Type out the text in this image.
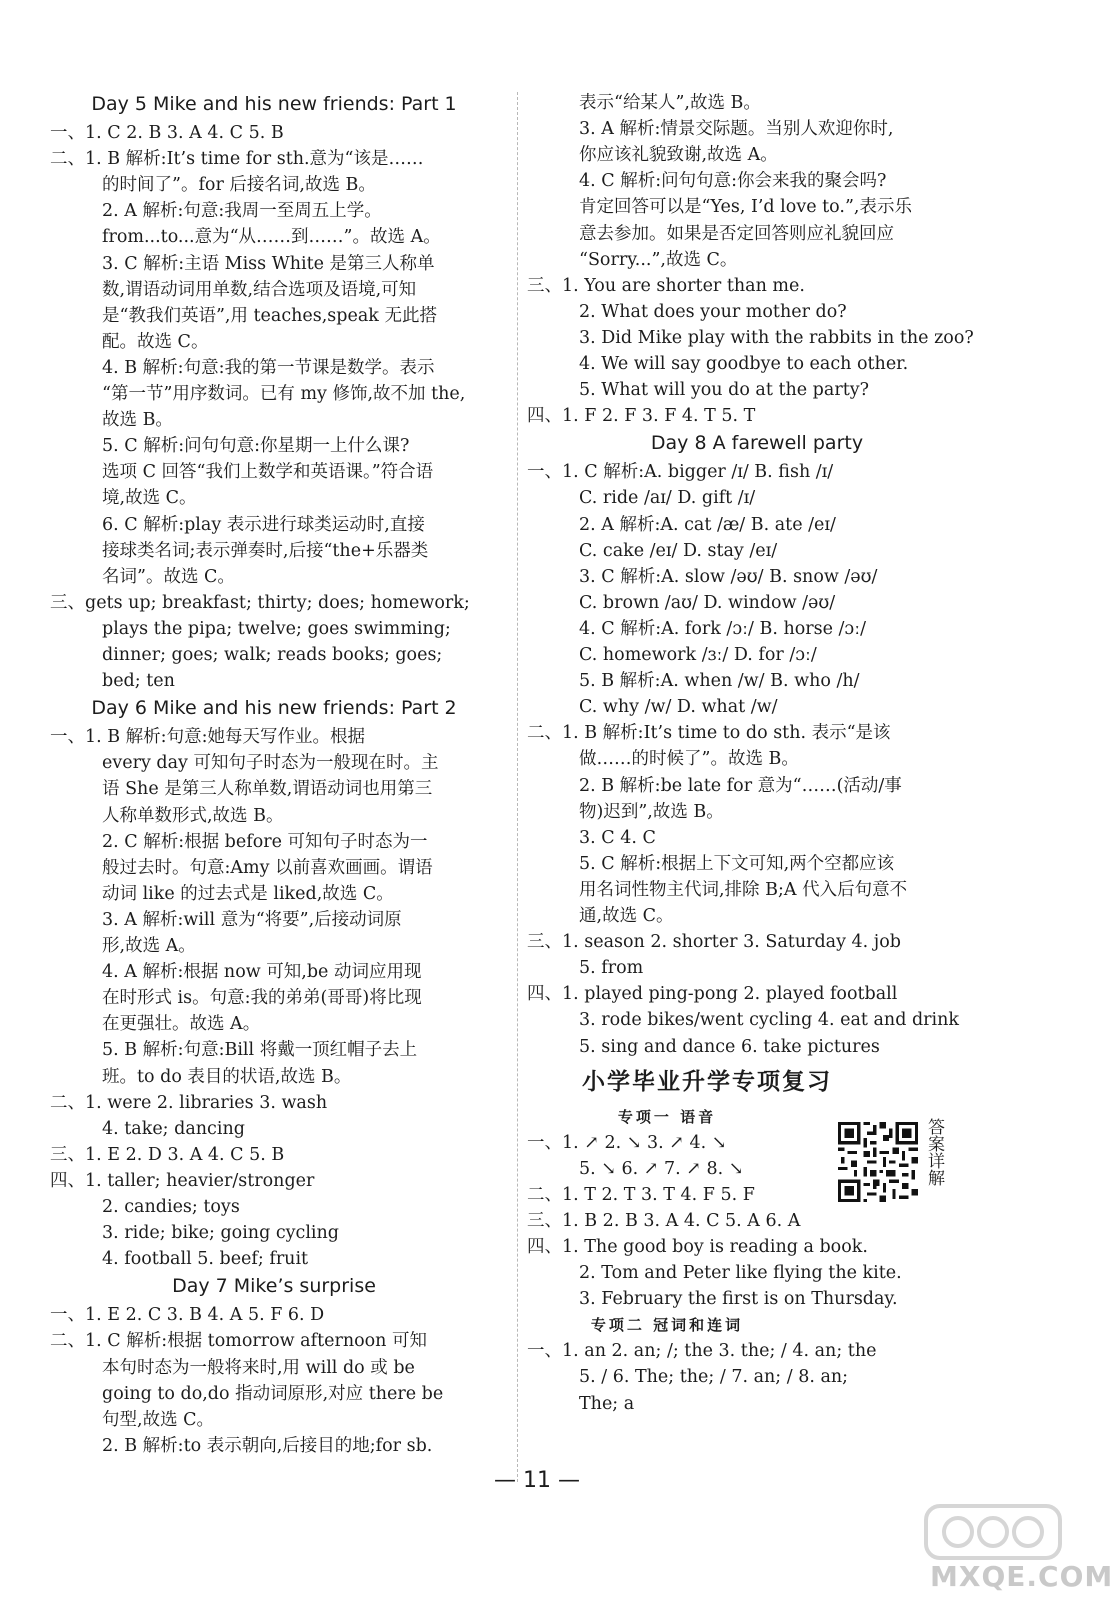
Day 5 Mike and his new friends: Part 1
一、1. C 2. B 3. A 4. C 5. B
二、1. B 解析:It’s time for sth.意为“该是……
的时间了”。for 后接名词,故选 B。
2. A 解析:句意:我周一至周五上学。
from...to...意为“从……到……”。故选 A。
3. C 解析:主语 Miss White 是第三人称单
数,谓语动词用单数,结合选项及语境,可知
是“教我们英语”,用 teaches,speak 无此搭
配。故选 C。
4. B 解析:句意:我的第一节课是数学。表示
“第一节”用序数词。已有 my 修饰,故不加 the,
故选 B。
5. C 解析:问句句意:你星期一上什么课?
选项 C 回答“我们上数学和英语课。”符合语
境,故选 C。
6. C 解析:play 表示进行球类运动时,直接
接球类名词;表示弹奏时,后接“the+乐器类
名词”。故选 C。
三、gets up; breakfast; thirty; does; homework;
plays the pipa; twelve; goes swimming;
dinner; goes; walk; reads books; goes;
bed; ten
Day 6 Mike and his new friends: Part 2
一、1. B 解析:句意:她每天写作业。根据
every day 可知句子时态为一般现在时。主
语 She 是第三人称单数,谓语动词也用第三
人称单数形式,故选 B。
2. C 解析:根据 before 可知句子时态为一
般过去时。句意:Amy 以前喜欢画画。谓语
动词 like 的过去式是 liked,故选 C。
3. A 解析:will 意为“将要”,后接动词原
形,故选 A。
4. A 解析:根据 now 可知,be 动词应用现
在时形式 is。句意:我的弟弟(哥哥)将比现
在更强壮。故选 A。
5. B 解析:句意:Bill 将戴一顶红帽子去上
班。to do 表目的状语,故选 B。
二、1. were 2. libraries 3. wash
4. take; dancing
三、1. E 2. D 3. A 4. C 5. B
四、1. taller; heavier/stronger
2. candies; toys
3. ride; bike; going cycling
4. football 5. beef; fruit
Day 7 Mike’s surprise
一、1. E 2. C 3. B 4. A 5. F 6. D
二、1. C 解析:根据 tomorrow afternoon 可知
本句时态为一般将来时,用 will do 或 be
going to do,do 指动词原形,对应 there be
句型,故选 C。
2. B 解析:to 表示朝向,后接目的地;for sb.
表示“给某人”,故选 B。
3. A 解析:情景交际题。当别人欢迎你时,
你应该礼貌致谢,故选 A。
4. C 解析:问句句意:你会来我的聚会吗?
肯定回答可以是“Yes, I’d love to.”,表示乐
意去参加。如果是否定回答则应礼貌回应
“Sorry...”,故选 C。
三、1. You are shorter than me.
2. What does your mother do?
3. Did Mike play with the rabbits in the zoo?
4. We will say goodbye to each other.
5. What will you do at the party?
四、1. F 2. F 3. F 4. T 5. T
Day 8 A farewell party
一、1. C 解析:A. bigger /ɪ/ B. fish /ɪ/
C. ride /aɪ/ D. gift /ɪ/
2. A 解析:A. cat /æ/ B. ate /eɪ/
C. cake /eɪ/ D. stay /eɪ/
3. C 解析:A. slow /əʊ/ B. snow /əʊ/
C. brown /aʊ/ D. window /əʊ/
4. C 解析:A. fork /ɔː/ B. horse /ɔː/
C. homework /ɜː/ D. for /ɔː/
5. B 解析:A. when /w/ B. who /h/
C. why /w/ D. what /w/
二、1. B 解析:It’s time to do sth. 表示“是该
做……的时候了”。故选 B。
2. B 解析:be late for 意为“……(活动/事
物)迟到”,故选 B。
3. C 4. C
5. C 解析:根据上下文可知,两个空都应该
用名词性物主代词,排除 B;A 代入后句意不
通,故选 C。
三、1. season 2. shorter 3. Saturday 4. job
5. from
四、1. played ping-pong 2. played football
3. rode bikes/went cycling 4. eat and drink
5. sing and dance 6. take pictures
小学毕业升学专项复习
专项一 语音
一、1. ↗ 2. ↘ 3. ↗ 4. ↘
5. ↘ 6. ↗ 7. ↗ 8. ↘
二、1. T 2. T 3. T 4. F 5. F
三、1. B 2. B 3. A 4. C 5. A 6. A
四、1. The good boy is reading a book.
2. Tom and Peter like flying the kite.
3. February the first is on Thursday.
专项二 冠词和连词
一、1. an 2. an; /; the 3. the; / 4. an; the
5. / 6. The; the; / 7. an; / 8. an;
The; a
答案详解
— 11 —
MXQE.COM
